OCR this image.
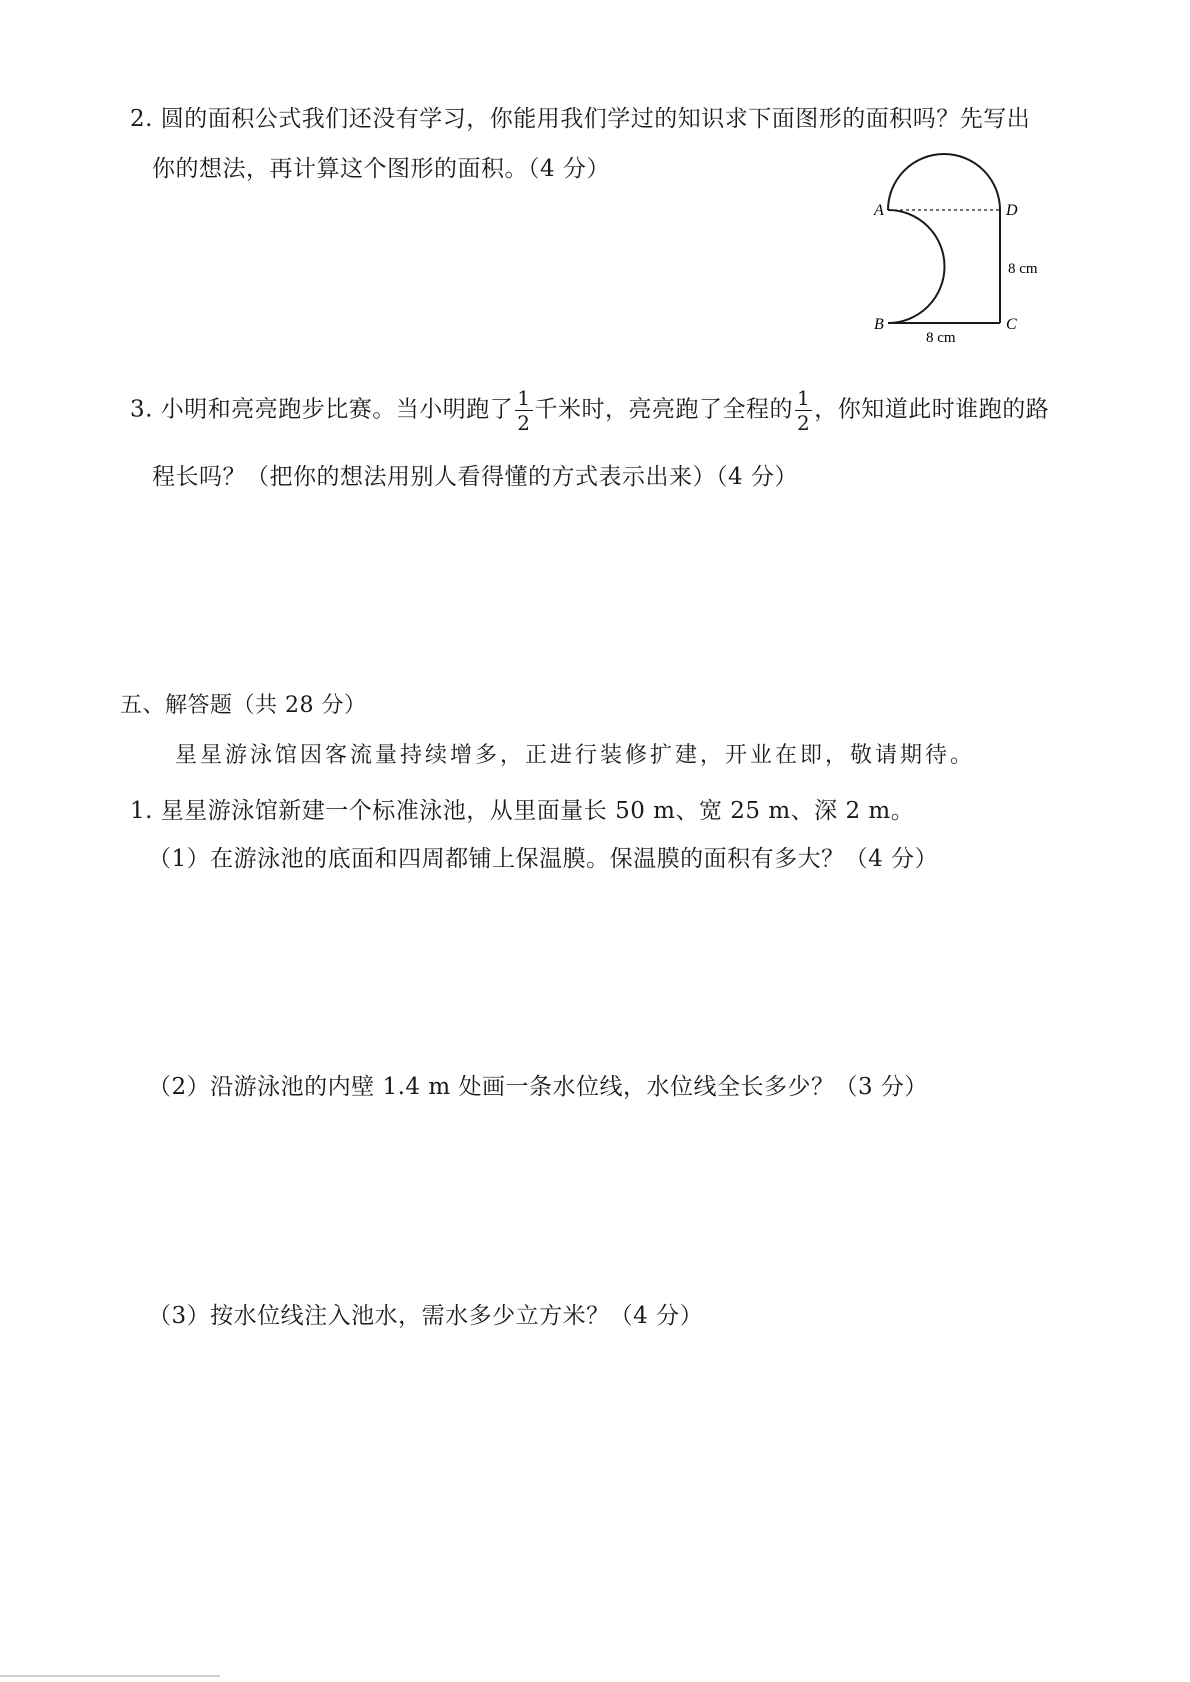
2. 圆的面积公式我们还没有学习，你能用我们学过的知识求下面图形的面积吗？先写出
你的想法，再计算这个图形的面积。（4 分）
A	D
B	C
8 cm
8 cm
3. 小明和亮亮跑步比赛。当小明跑了 $\frac{1}{2}$ 千米时，亮亮跑了全程的 $\frac{1}{2}$ ，你知道此时谁跑的路
程长吗？（把你的想法用别人看得懂的方式表示出来）（4 分）
五、解答题（共 28 分）
星星游泳馆因客流量持续增多，正进行装修扩建，开业在即，敬请期待。
1. 星星游泳馆新建一个标准泳池，从里面量长 50 m、宽 25 m、深 2 m。
（1）在游泳池的底面和四周都铺上保温膜。保温膜的面积有多大？（4 分）
（2）沿游泳池的内壁 1.4 m 处画一条水位线，水位线全长多少？（3 分）
（3）按水位线注入池水，需水多少立方米？（4 分）
